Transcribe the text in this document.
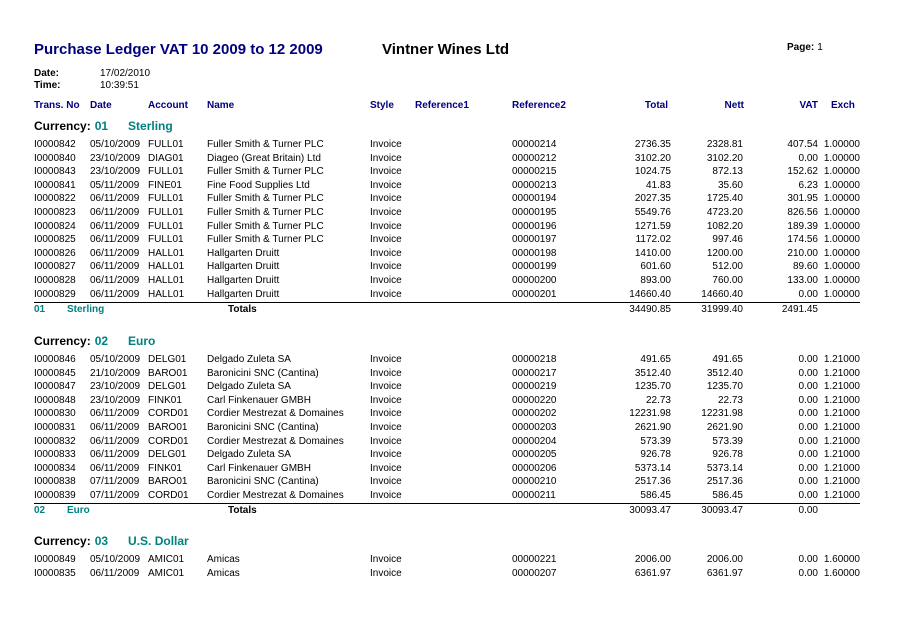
Purchase Ledger VAT 10 2009 to 12 2009	Vintner Wines Ltd	Page: 1
Date:	17/02/2010
Time:	10:39:51
Trans. No Date	Account Name	Style Reference1	Reference2	Total	Nett	VAT Exch
Currency: 01 Sterling
I0000842 05/10/2009 FULL01 Fuller Smith & Turner PLC	Invoice	00000214	2736.35	2328.81	407.54 1.00000
I0000840 23/10/2009 DIAG01 Diageo (Great Britain) Ltd	Invoice	00000212	3102.20	3102.20	0.00 1.00000
I0000843 23/10/2009 FULL01 Fuller Smith & Turner PLC	Invoice	00000215	1024.75	872.13	152.62 1.00000
I0000841 05/11/2009 FINE01	Fine Food Supplies Ltd	Invoice	00000213	41.83	35.60	6.23 1.00000
I0000822 06/11/2009 FULL01 Fuller Smith & Turner PLC	Invoice	00000194	2027.35	1725.40	301.95 1.00000
I0000823 06/11/2009 FULL01 Fuller Smith & Turner PLC	Invoice	00000195	5549.76	4723.20	826.56 1.00000
I0000824 06/11/2009 FULL01 Fuller Smith & Turner PLC	Invoice	00000196	1271.59	1082.20	189.39 1.00000
I0000825 06/11/2009 FULL01 Fuller Smith & Turner PLC	Invoice	00000197	1172.02	997.46	174.56 1.00000
I0000826 06/11/2009 HALL01 Hallgarten Druitt	Invoice	00000198	1410.00	1200.00	210.00 1.00000
I0000827 06/11/2009 HALL01 Hallgarten Druitt	Invoice	00000199	601.60	512.00	89.60 1.00000
I0000828 06/11/2009 HALL01 Hallgarten Druitt	Invoice	00000200	893.00	760.00	133.00 1.00000
I0000829 06/11/2009 HALL01 Hallgarten Druitt	Invoice	00000201	14660.40	14660.40	0.00 1.00000
01 Sterling	Totals	34490.85	31999.40	2491.45
Currency: 02 Euro
I0000846 05/10/2009 DELG01 Delgado Zuleta SA	Invoice	00000218	491.65	491.65	0.00 1.21000
I0000845 21/10/2009 BARO01 Baronicini SNC (Cantina)	Invoice	00000217	3512.40	3512.40	0.00 1.21000
I0000847 23/10/2009 DELG01 Delgado Zuleta SA	Invoice	00000219	1235.70	1235.70	0.00 1.21000
I0000848 23/10/2009 FINK01	Carl Finkenauer GMBH	Invoice	00000220	22.73	22.73	0.00 1.21000
I0000830 06/11/2009 CORD01 Cordier Mestrezat & Domaines	Invoice	00000202	12231.98	12231.98	0.00 1.21000
I0000831 06/11/2009 BARO01 Baronicini SNC (Cantina)	Invoice	00000203	2621.90	2621.90	0.00 1.21000
I0000832 06/11/2009 CORD01 Cordier Mestrezat & Domaines	Invoice	00000204	573.39	573.39	0.00 1.21000
I0000833 06/11/2009 DELG01 Delgado Zuleta SA	Invoice	00000205	926.78	926.78	0.00 1.21000
I0000834 06/11/2009 FINK01	Carl Finkenauer GMBH	Invoice	00000206	5373.14	5373.14	0.00 1.21000
I0000838 07/11/2009 BARO01 Baronicini SNC (Cantina)	Invoice	00000210	2517.36	2517.36	0.00 1.21000
I0000839 07/11/2009 CORD01 Cordier Mestrezat & Domaines	Invoice	00000211	586.45	586.45	0.00 1.21000
02 Euro	Totals	30093.47	30093.47	0.00
Currency: 03 U.S. Dollar
I0000849 05/10/2009 AMIC01 Amicas	Invoice	00000221	2006.00	2006.00	0.00 1.60000
I0000835 06/11/2009 AMIC01 Amicas	Invoice	00000207	6361.97	6361.97	0.00 1.60000
